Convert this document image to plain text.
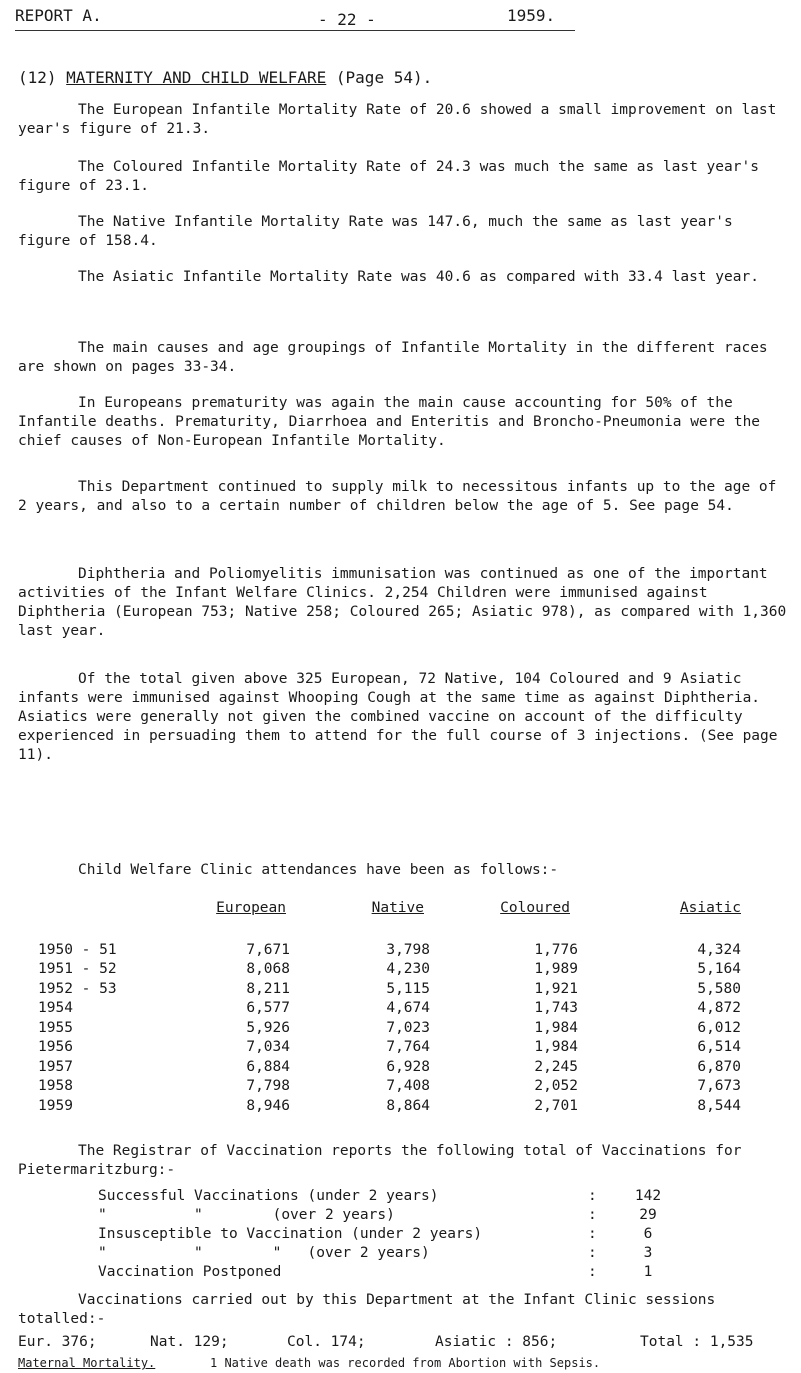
REPORT A.	- 22 -	1959.
(12) MATERNITY AND CHILD WELFARE (Page 54).

The European Infantile Mortality Rate of 20.6 showed a small improvement on last year's figure of 21.3.

The Coloured Infantile Mortality Rate of 24.3 was much the same as last year's figure of 23.1.

The Native Infantile Mortality Rate was 147.6, much the same as last year's figure of 158.4.

The Asiatic Infantile Mortality Rate was 40.6 as compared with 33.4 last year.

The main causes and age groupings of Infantile Mortality in the different races are shown on pages 33-34.

In Europeans prematurity was again the main cause accounting for 50% of the Infantile deaths. Prematurity, Diarrhoea and Enteritis and Broncho-Pneumonia were the chief causes of Non-European Infantile Mortality.

This Department continued to supply milk to necessitous infants up to the age of 2 years, and also to a certain number of children below the age of 5. See page 54.

Diphtheria and Poliomyelitis immunisation was continued as one of the important activities of the Infant Welfare Clinics. 2,254 Children were immunised against Diphtheria (European 753; Native 258; Coloured 265; Asiatic 978), as compared with 1,360 last year.

Of the total given above 325 European, 72 Native, 104 Coloured and 9 Asiatic infants were immunised against Whooping Cough at the same time as against Diphtheria. Asiatics were generally not given the combined vaccine on account of the difficulty experienced in persuading them to attend for the full course of 3 injections. (See page 11).

Child Welfare Clinic attendances have been as follows:-
	European	Native	Coloured	Asiatic
1950 - 51	7,671	3,798	1,776	4,324
1951 - 52	8,068	4,230	1,989	5,164
1952 - 53	8,211	5,115	1,921	5,580
1954	6,577	4,674	1,743	4,872
1955	5,926	7,023	1,984	6,012
1956	7,034	7,764	1,984	6,514
1957	6,884	6,928	2,245	6,870
1958	7,798	7,408	2,052	7,673
1959	8,946	8,864	2,701	8,544

The Registrar of Vaccination reports the following total of Vaccinations for Pietermaritzburg:-

Successful Vaccinations (under 2 years)	:	142
"          "        (over 2 years)	:	29
Insusceptible to Vaccination (under 2 years)	:	6
"          "        "   (over 2 years)	:	3
Vaccination Postponed	:	1

Vaccinations carried out by this Department at the Infant Clinic sessions totalled:-

Eur. 376;	Nat. 129;	Col. 174;	Asiatic : 856;	Total : 1,535
Maternal Mortality.	1 Native death was recorded from Abortion with Sepsis.
